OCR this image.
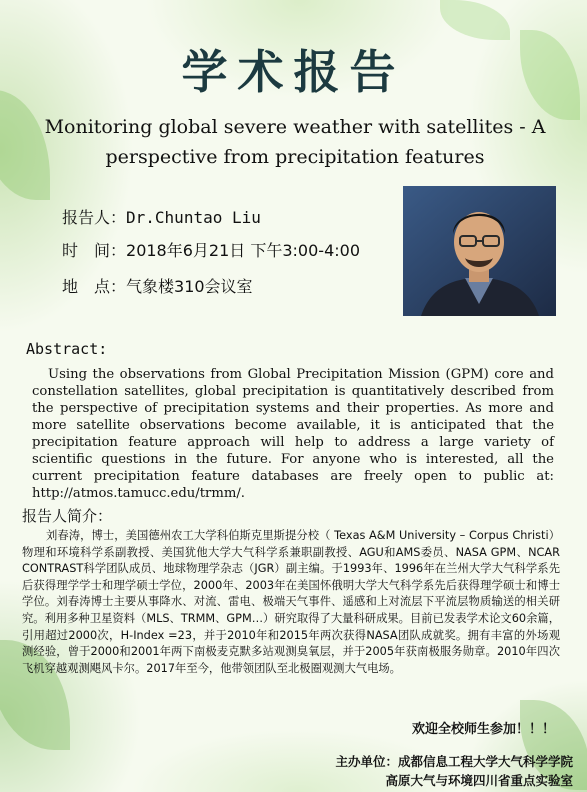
学术报告
Monitoring global severe weather with satellites - A perspective from precipitation features
报告人：Dr.Chuntao Liu
时　间：2018年6月21日 下午3:00-4:00
地　点：气象楼310会议室
Abstract:
Using the observations from Global Precipitation Mission (GPM) core and constellation satellites, global precipitation is quantitatively described from the perspective of precipitation systems and their properties. As more and more satellite observations become available, it is anticipated that the precipitation feature approach will help to address a large variety of scientific questions in the future. For anyone who is interested, all the current precipitation feature databases are freely open to public at: http://atmos.tamucc.edu/trmm/.
报告人简介：
刘春涛，博士，美国德州农工大学科伯斯克里斯提分校（ Texas A&M University – Corpus Christi）物理和环境科学系副教授、美国犹他大学大气科学系兼职副教授、AGU和AMS委员、NASA GPM、NCAR CONTRAST科学团队成员、地球物理学杂志（JGR）副主编。于1993年、1996年在兰州大学大气科学系先后获得理学学士和理学硕士学位，2000年、2003年在美国怀俄明大学大气科学系先后获得理学硕士和博士学位。刘春涛博士主要从事降水、对流、雷电、极端天气事件、遥感和上对流层下平流层物质输送的相关研究。利用多种卫星资料（MLS、TRMM、GPM…）研究取得了大量科研成果。目前已发表学术论文60余篇，引用超过2000次，H-Index =23，并于2010年和2015年两次获得NASA团队成就奖。拥有丰富的外场观测经验，曾于2000和2001年两下南极麦克默多站观测臭氧层，并于2005年获南极服务勋章。2010年四次飞机穿越观测飓风卡尔。2017年至今，他带领团队至北极圈观测大气电场。
欢迎全校师生参加！！！
主办单位：成都信息工程大学大气科学学院
高原大气与环境四川省重点实验室
